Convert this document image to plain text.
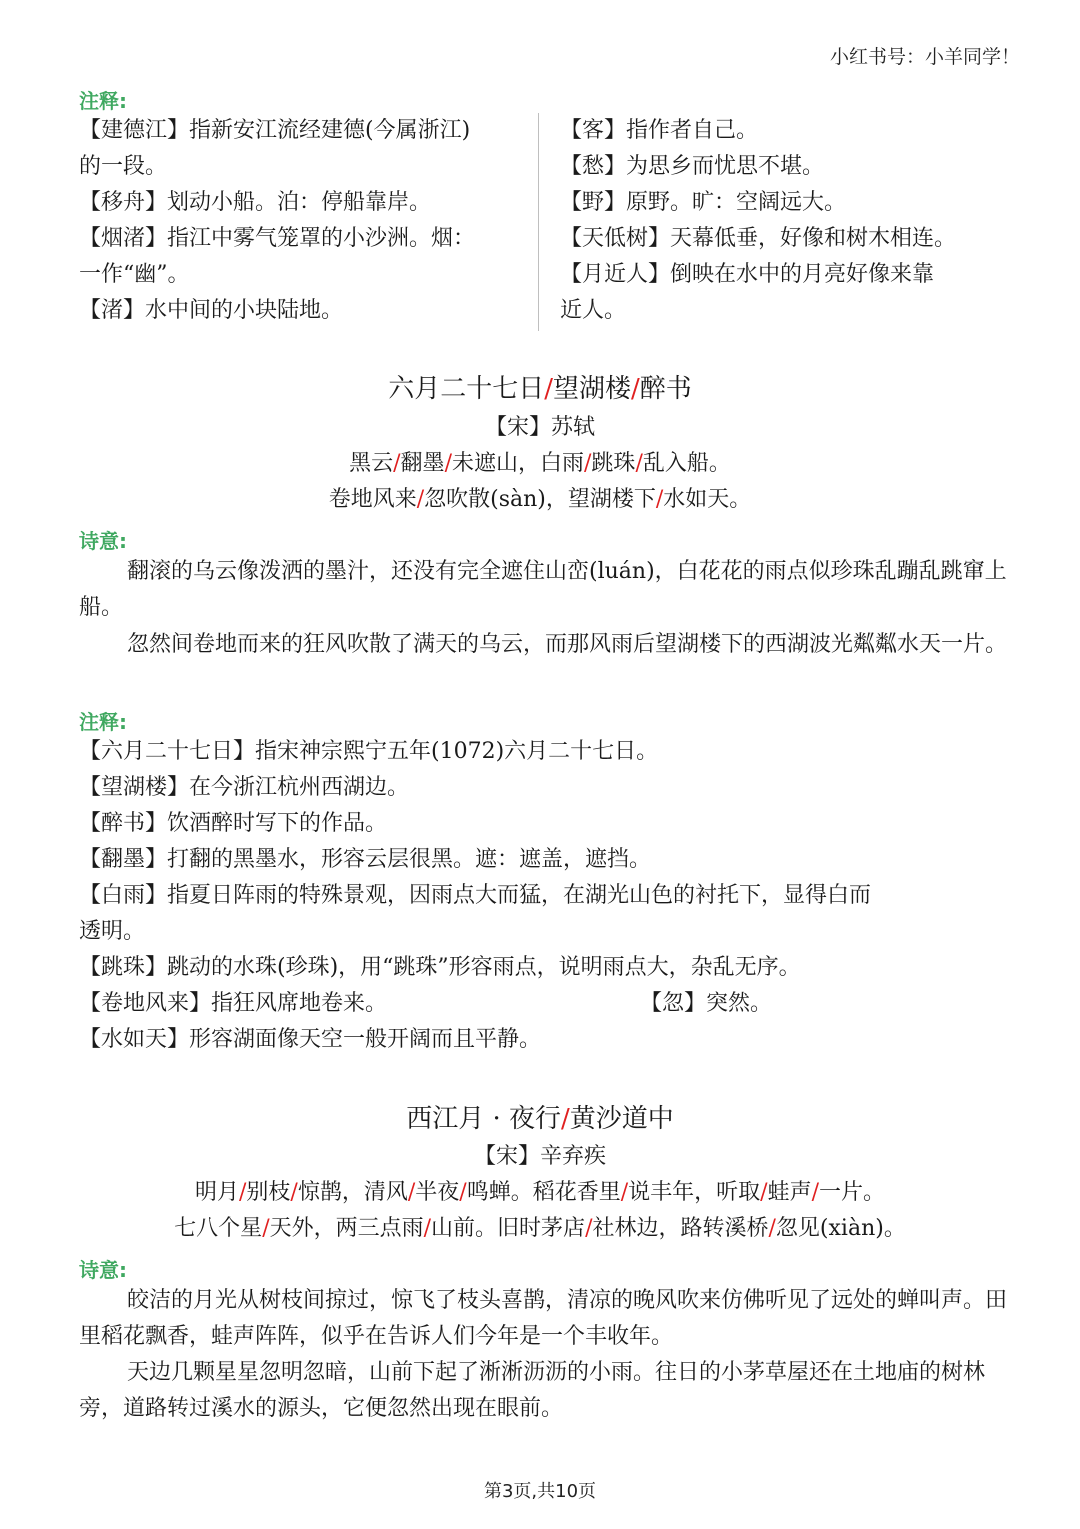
小红书号：小羊同学！
注释:
【建德江】指新安江流经建德(今属浙江)
的一段。
【移舟】划动小船。泊：停船靠岸。
【烟渚】指江中雾气笼罩的小沙洲。烟：
一作“幽”。
【渚】水中间的小块陆地。
【客】指作者自己。
【愁】为思乡而忧思不堪。
【野】原野。旷：空阔远大。
【天低树】天幕低垂，好像和树木相连。
【月近人】倒映在水中的月亮好像来靠
近人。
六月二十七日/望湖楼/醉书
【宋】苏轼
黑云/翻墨/未遮山，白雨/跳珠/乱入船。
卷地风来/忽吹散(sàn)，望湖楼下/水如天。
诗意:
翻滚的乌云像泼洒的墨汁，还没有完全遮住山峦(luán)，白花花的雨点似珍珠乱蹦乱跳窜上船。
忽然间卷地而来的狂风吹散了满天的乌云，而那风雨后望湖楼下的西湖波光粼粼水天一片。
注释:
【六月二十七日】指宋神宗熙宁五年(1072)六月二十七日。
【望湖楼】在今浙江杭州西湖边。
【醉书】饮酒醉时写下的作品。
【翻墨】打翻的黑墨水，形容云层很黑。遮：遮盖，遮挡。
【白雨】指夏日阵雨的特殊景观，因雨点大而猛，在湖光山色的衬托下，显得白而
透明。
【跳珠】跳动的水珠(珍珠)，用“跳珠”形容雨点，说明雨点大，杂乱无序。
【卷地风来】指狂风席地卷来。	【忽】突然。
【水如天】形容湖面像天空一般开阔而且平静。
西江月 · 夜行/黄沙道中
【宋】辛弃疾
明月/别枝/惊鹊，清风/半夜/鸣蝉。稻花香里/说丰年，听取/蛙声/一片。
七八个星/天外，两三点雨/山前。旧时茅店/社林边，路转溪桥/忽见(xiàn)。
诗意:
皎洁的月光从树枝间掠过，惊飞了枝头喜鹊，清凉的晚风吹来仿佛听见了远处的蝉叫声。田里稻花飘香，蛙声阵阵，似乎在告诉人们今年是一个丰收年。
天边几颗星星忽明忽暗，山前下起了淅淅沥沥的小雨。往日的小茅草屋还在土地庙的树林旁，道路转过溪水的源头，它便忽然出现在眼前。
第3页,共10页
